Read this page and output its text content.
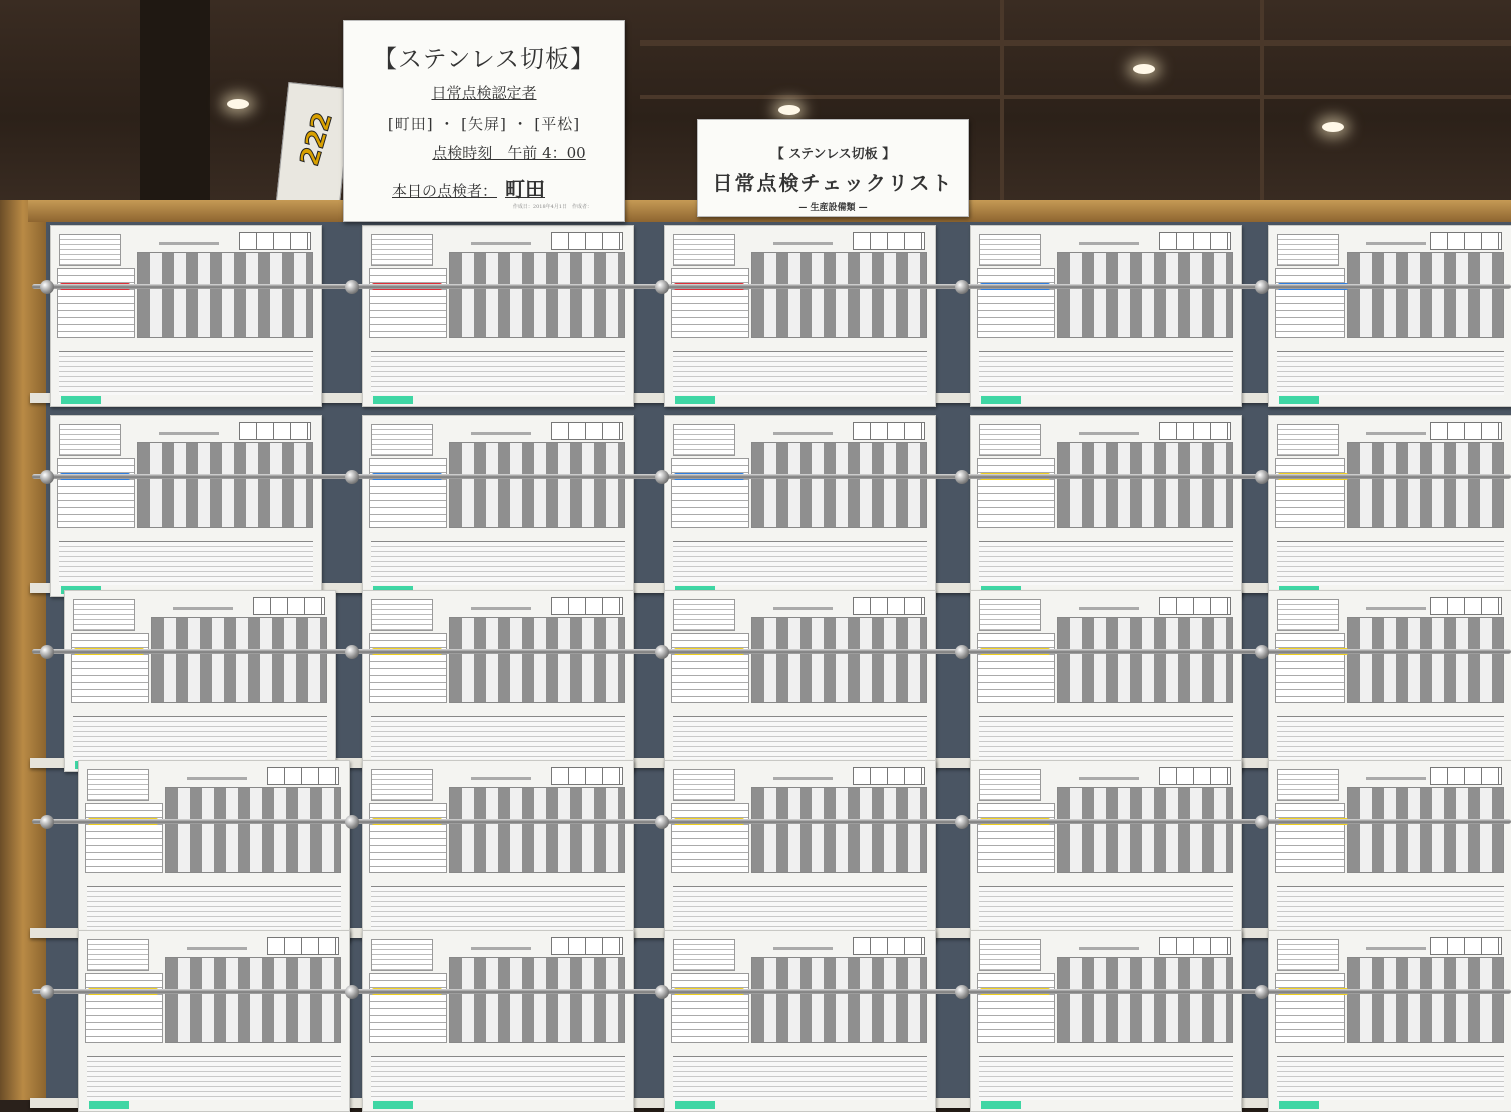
222
【ステンレス切板】
日常点検認定者
[町田] ・ [矢屏] ・ [平松]
点検時刻　午前 4：00
本日の点検者： 町田
作成日：2018年4月1日　作成者：
【 ステンレス切板 】
日常点検チェックリスト
— 生産設備類 —
